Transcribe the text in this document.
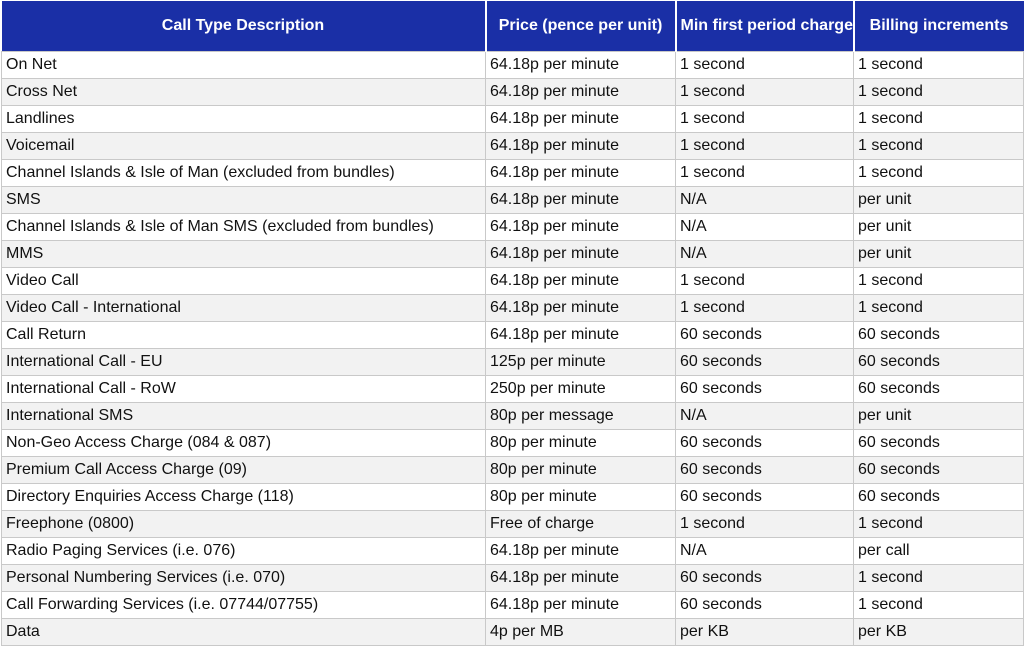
Call Type Description	Price (pence per unit)	Min first period charge	Billing increments
On Net	64.18p per minute	1 second	1 second
Cross Net	64.18p per minute	1 second	1 second
Landlines	64.18p per minute	1 second	1 second
Voicemail	64.18p per minute	1 second	1 second
Channel Islands & Isle of Man (excluded from bundles)	64.18p per minute	1 second	1 second
SMS	64.18p per minute	N/A	per unit
Channel Islands & Isle of Man SMS (excluded from bundles)	64.18p per minute	N/A	per unit
MMS	64.18p per minute	N/A	per unit
Video Call	64.18p per minute	1 second	1 second
Video Call - International	64.18p per minute	1 second	1 second
Call Return	64.18p per minute	60 seconds	60 seconds
International Call - EU	125p per minute	60 seconds	60 seconds
International Call - RoW	250p per minute	60 seconds	60 seconds
International SMS	80p per message	N/A	per unit
Non-Geo Access Charge (084 & 087)	80p per minute	60 seconds	60 seconds
Premium Call Access Charge (09)	80p per minute	60 seconds	60 seconds
Directory Enquiries Access Charge (118)	80p per minute	60 seconds	60 seconds
Freephone (0800)	Free of charge	1 second	1 second
Radio Paging Services (i.e. 076)	64.18p per minute	N/A	per call
Personal Numbering Services (i.e. 070)	64.18p per minute	60 seconds	1 second
Call Forwarding Services (i.e. 07744/07755)	64.18p per minute	60 seconds	1 second
Data	4p per MB	per KB	per KB
